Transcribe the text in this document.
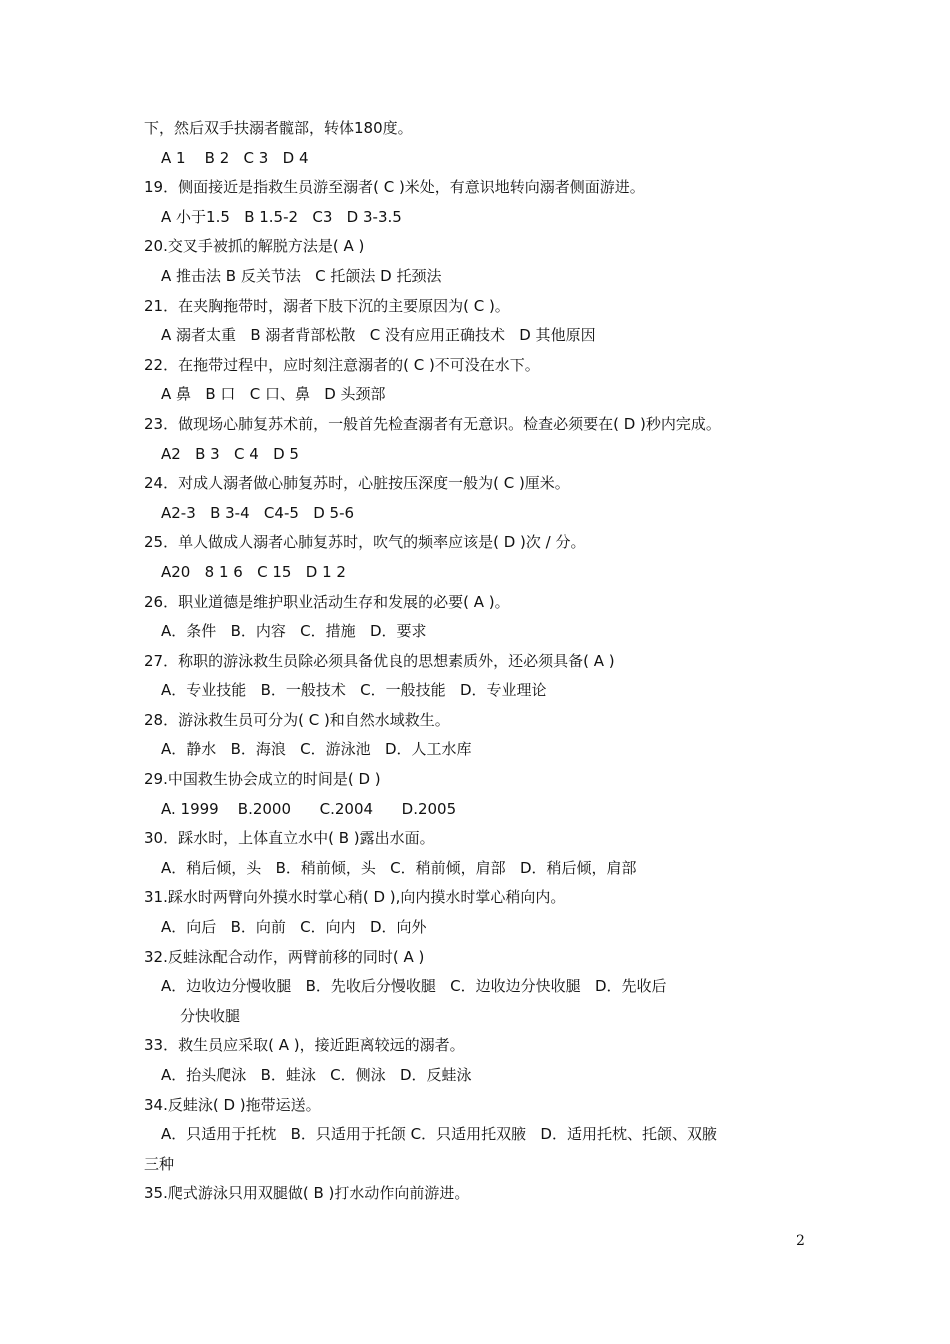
下，然后双手扶溺者髋部，转体180度。
A 1    B 2   C 3   D 4
19．侧面接近是指救生员游至溺者( C )米处，有意识地转向溺者侧面游进。
A 小于1.5   B 1.5-2   C3   D 3-3.5
20.交叉手被抓的解脱方法是( A )
A 推击法 B 反关节法   C 托颌法 D 托颈法
21．在夹胸拖带时，溺者下肢下沉的主要原因为( C )。
A 溺者太重   B 溺者背部松散   C 没有应用正确技术   D 其他原因
22．在拖带过程中，应时刻注意溺者的( C )不可没在水下。
A 鼻   B 口   C 口、鼻   D 头颈部
23．做现场心肺复苏术前，一般首先检查溺者有无意识。检查必须要在( D )秒内完成。
A2   B 3   C 4   D 5
24．对成人溺者做心肺复苏时，心脏按压深度一般为( C )厘米。
A2-3   B 3-4   C4-5   D 5-6
25．单人做成人溺者心肺复苏时，吹气的频率应该是( D )次 / 分。
A20   8 1 6   C 15   D 1 2
26．职业道德是维护职业活动生存和发展的必要( A )。
A．条件   B．内容   C．措施   D．要求
27．称职的游泳救生员除必须具备优良的思想素质外，还必须具备( A )
A．专业技能   B．一般技术   C．一般技能   D．专业理论
28．游泳救生员可分为( C )和自然水域救生。
A．静水   B．海浪   C．游泳池   D．人工水库
29.中国救生协会成立的时间是( D )
A. 1999    B.2000      C.2004      D.2005
30．踩水时，上体直立水中( B )露出水面。
A．稍后倾，头   B．稍前倾，头   C．稍前倾，肩部   D．稍后倾，肩部
31.踩水时两臂向外摸水时掌心稍( D ),向内摸水时掌心稍向内。
A．向后   B．向前   C．向内   D．向外
32.反蛙泳配合动作，两臂前移的同时( A )
A．边收边分慢收腿   B．先收后分慢收腿   C．边收边分快收腿   D．先收后
分快收腿
33．救生员应采取( A )，接近距离较远的溺者。
A．抬头爬泳   B．蛙泳   C．侧泳   D．反蛙泳
34.反蛙泳( D )拖带运送。
A．只适用于托枕   B．只适用于托颌 C．只适用托双腋   D．适用托枕、托颌、双腋
三种
35.爬式游泳只用双腿做( B )打水动作向前游进。
2
